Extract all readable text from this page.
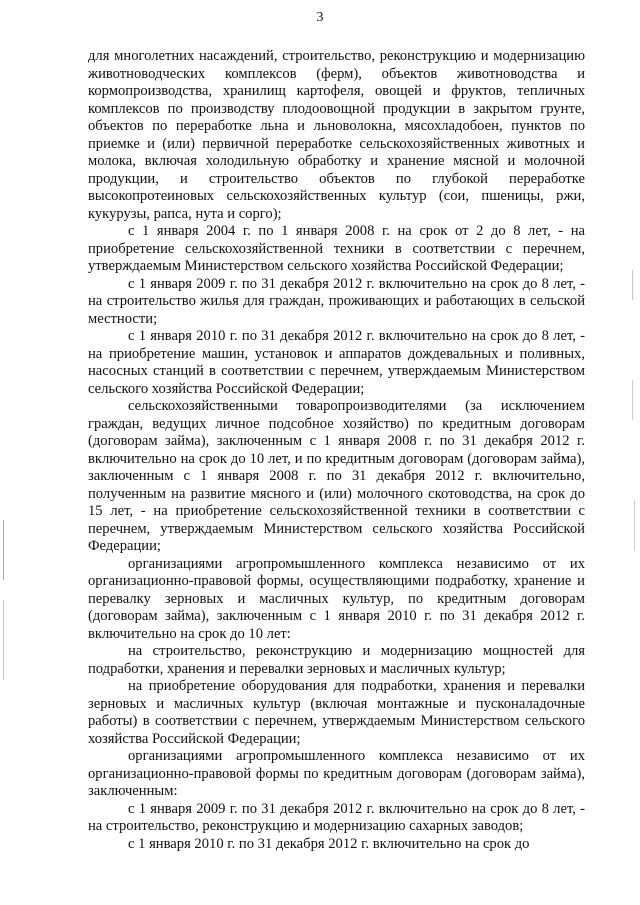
3

для многолетних насаждений, строительство, реконструкцию и модернизацию животноводческих комплексов (ферм), объектов животноводства и кормопроизводства, хранилищ картофеля, овощей и фруктов, тепличных комплексов по производству плодоовощной продукции в закрытом грунте, объектов по переработке льна и льноволокна, мясохладобоен, пунктов по приемке и (или) первичной переработке сельскохозяйственных животных и молока, включая холодильную обработку и хранение мясной и молочной продукции, и строительство объектов по глубокой переработке высокопротеиновых сельскохозяйственных культур (сои, пшеницы, ржи, кукурузы, рапса, нута и сорго);

с 1 января 2004 г. по 1 января 2008 г. на срок от 2 до 8 лет, - на приобретение сельскохозяйственной техники в соответствии с перечнем, утверждаемым Министерством сельского хозяйства Российской Федерации;

с 1 января 2009 г. по 31 декабря 2012 г. включительно на срок до 8 лет, - на строительство жилья для граждан, проживающих и работающих в сельской местности;

с 1 января 2010 г. по 31 декабря 2012 г. включительно на срок до 8 лет, - на приобретение машин, установок и аппаратов дождевальных и поливных, насосных станций в соответствии с перечнем, утверждаемым Министерством сельского хозяйства Российской Федерации;

сельскохозяйственными товаропроизводителями (за исключением граждан, ведущих личное подсобное хозяйство) по кредитным договорам (договорам займа), заключенным с 1 января 2008 г. по 31 декабря 2012 г. включительно на срок до 10 лет, и по кредитным договорам (договорам займа), заключенным с 1 января 2008 г. по 31 декабря 2012 г. включительно, полученным на развитие мясного и (или) молочного скотоводства, на срок до 15 лет, - на приобретение сельскохозяйственной техники в соответствии с перечнем, утверждаемым Министерством сельского хозяйства Российской Федерации;

организациями агропромышленного комплекса независимо от их организационно-правовой формы, осуществляющими подработку, хранение и перевалку зерновых и масличных культур, по кредитным договорам (договорам займа), заключенным с 1 января 2010 г. по 31 декабря 2012 г. включительно на срок до 10 лет:

на строительство, реконструкцию и модернизацию мощностей для подработки, хранения и перевалки зерновых и масличных культур;

на приобретение оборудования для подработки, хранения и перевалки зерновых и масличных культур (включая монтажные и пусконаладочные работы) в соответствии с перечнем, утверждаемым Министерством сельского хозяйства Российской Федерации;

организациями агропромышленного комплекса независимо от их организационно-правовой формы по кредитным договорам (договорам займа), заключенным:

с 1 января 2009 г. по 31 декабря 2012 г. включительно на срок до 8 лет, - на строительство, реконструкцию и модернизацию сахарных заводов;

с 1 января 2010 г. по 31 декабря 2012 г. включительно на срок до
